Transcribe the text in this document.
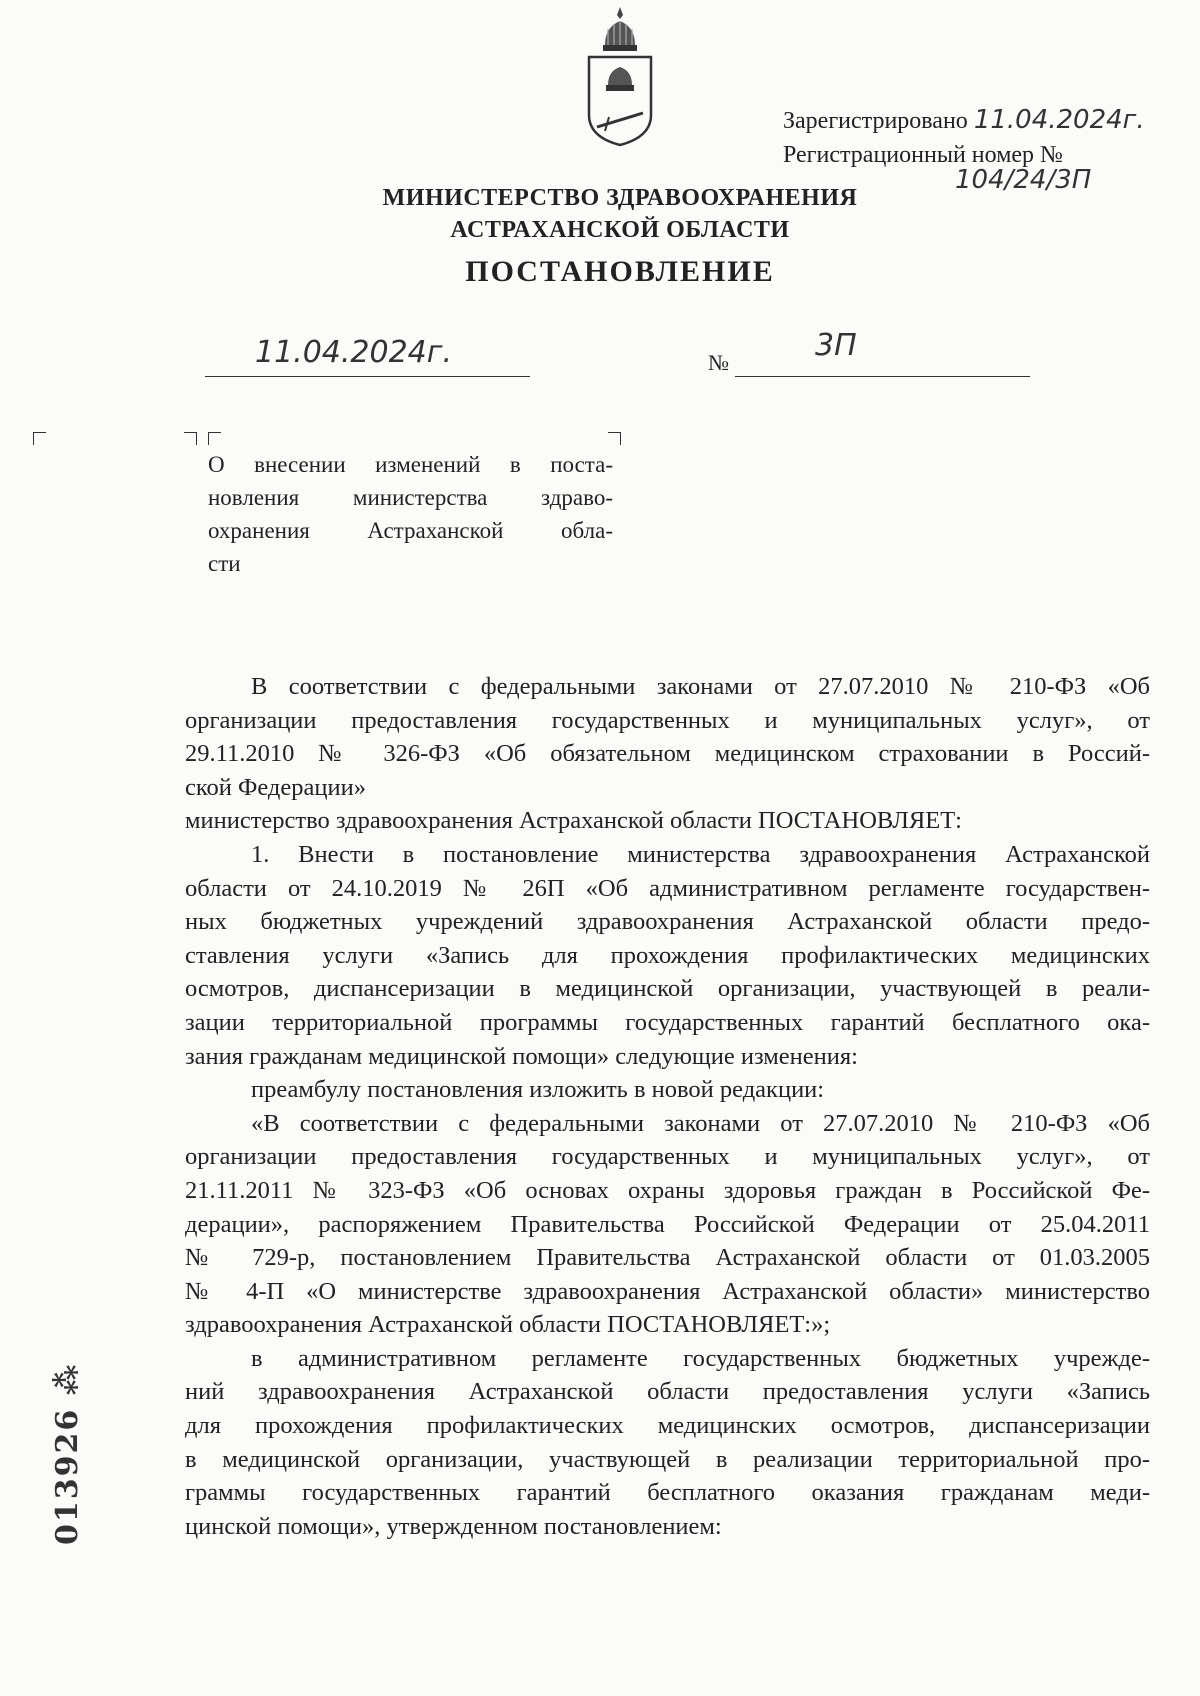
Зарегистрировано 11.04.2024г.
Регистрационный номер №
104/24/3П
МИНИСТЕРСТВО ЗДРАВООХРАНЕНИЯ
АСТРАХАНСКОЙ ОБЛАСТИ
ПОСТАНОВЛЕНИЕ
11.04.2024г.	№	3П
О внесении изменений в поста-
новления министерства здраво-
охранения Астраханской обла-
сти
В соответствии с федеральными законами от 27.07.2010 № 210-ФЗ «Об
организации предоставления государственных и муниципальных услуг», от
29.11.2010 № 326-ФЗ «Об обязательном медицинском страховании в Россий-
ской Федерации»
министерство здравоохранения Астраханской области ПОСТАНОВЛЯЕТ:
1. Внести в постановление министерства здравоохранения Астраханской
области от 24.10.2019 № 26П «Об административном регламенте государствен-
ных бюджетных учреждений здравоохранения Астраханской области предо-
ставления услуги «Запись для прохождения профилактических медицинских
осмотров, диспансеризации в медицинской организации, участвующей в реали-
зации территориальной программы государственных гарантий бесплатного ока-
зания гражданам медицинской помощи» следующие изменения:
преамбулу постановления изложить в новой редакции:
«В соответствии с федеральными законами от 27.07.2010 № 210-ФЗ «Об
организации предоставления государственных и муниципальных услуг», от
21.11.2011 № 323-ФЗ «Об основах охраны здоровья граждан в Российской Фе-
дерации», распоряжением Правительства Российской Федерации от 25.04.2011
№ 729-р, постановлением Правительства Астраханской области от 01.03.2005
№ 4-П «О министерстве здравоохранения Астраханской области» министерство
здравоохранения Астраханской области ПОСТАНОВЛЯЕТ:»;
в административном регламенте государственных бюджетных учрежде-
ний здравоохранения Астраханской области предоставления услуги «Запись
для прохождения профилактических медицинских осмотров, диспансеризации
в медицинской организации, участвующей в реализации территориальной про-
граммы государственных гарантий бесплатного оказания гражданам меди-
цинской помощи», утвержденном постановлением:
013926 ⁂
